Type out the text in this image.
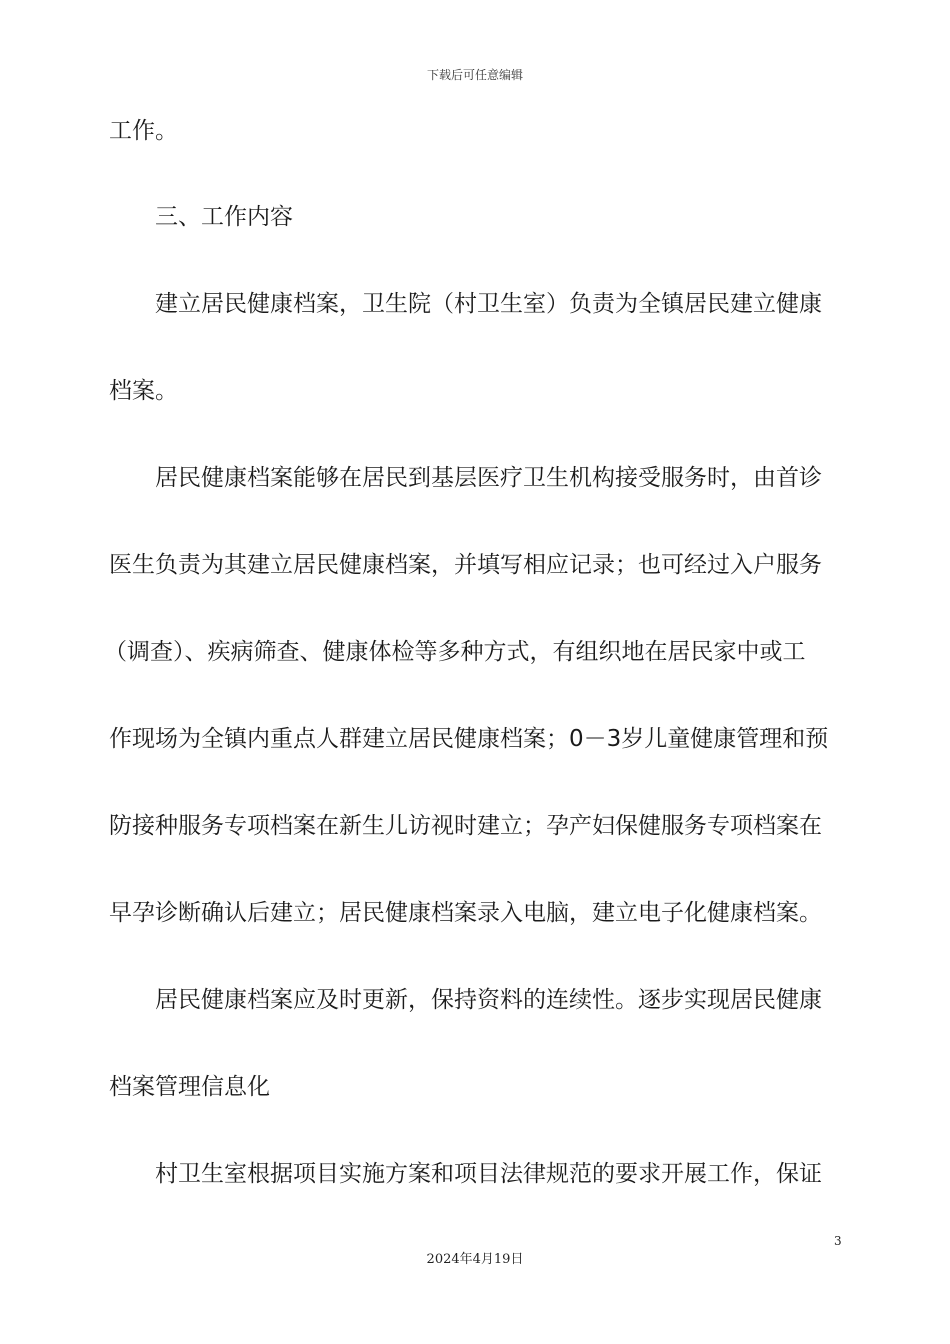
下载后可任意编辑
工作。
三、工作内容
建立居民健康档案，卫生院（村卫生室）负责为全镇居民建立健康
档案。
居民健康档案能够在居民到基层医疗卫生机构接受服务时，由首诊
医生负责为其建立居民健康档案，并填写相应记录；也可经过入户服务
（调查）、疾病筛查、健康体检等多种方式，有组织地在居民家中或工
作现场为全镇内重点人群建立居民健康档案；0－3岁儿童健康管理和预
防接种服务专项档案在新生儿访视时建立；孕产妇保健服务专项档案在
早孕诊断确认后建立；居民健康档案录入电脑，建立电子化健康档案。
居民健康档案应及时更新，保持资料的连续性。逐步实现居民健康
档案管理信息化
村卫生室根据项目实施方案和项目法律规范的要求开展工作，保证
3
2024年4月19日
